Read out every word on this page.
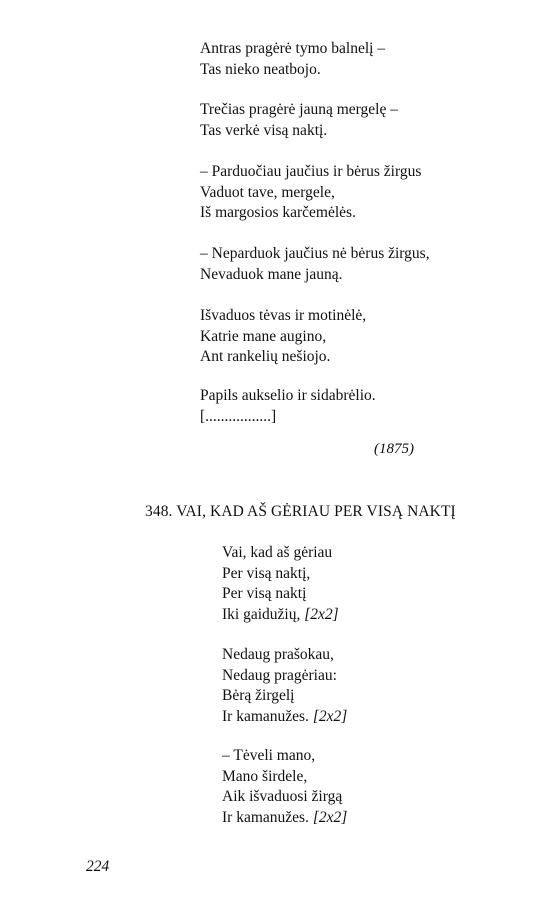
Antras pragėrė tymo balnelį –
Tas nieko neatbojo.
Trečias pragėrė jauną mergelę –
Tas verkė visą naktį.
– Parduočiau jaučius ir bėrus žirgus
Vaduot tave, mergele,
Iš margosios karčemėlės.
– Neparduok jaučius nė bėrus žirgus,
Nevaduok mane jauną.
Išvaduos tėvas ir motinėlė,
Katrie mane augino,
Ant rankelių nešiojo.
Papils aukselio ir sidabrėlio.
[.................]
(1875)
348. VAI, KAD AŠ GĖRIAU PER VISĄ NAKTĮ
Vai, kad aš gėriau
Per visą naktį,
Per visą naktį
Iki gaidužių, [2x2]
Nedaug prašokau,
Nedaug pragėriau:
Bėrą žirgelį
Ir kamanužes. [2x2]
– Tėveli mano,
Mano širdele,
Aik išvaduosi žirgą
Ir kamanužes. [2x2]
224
